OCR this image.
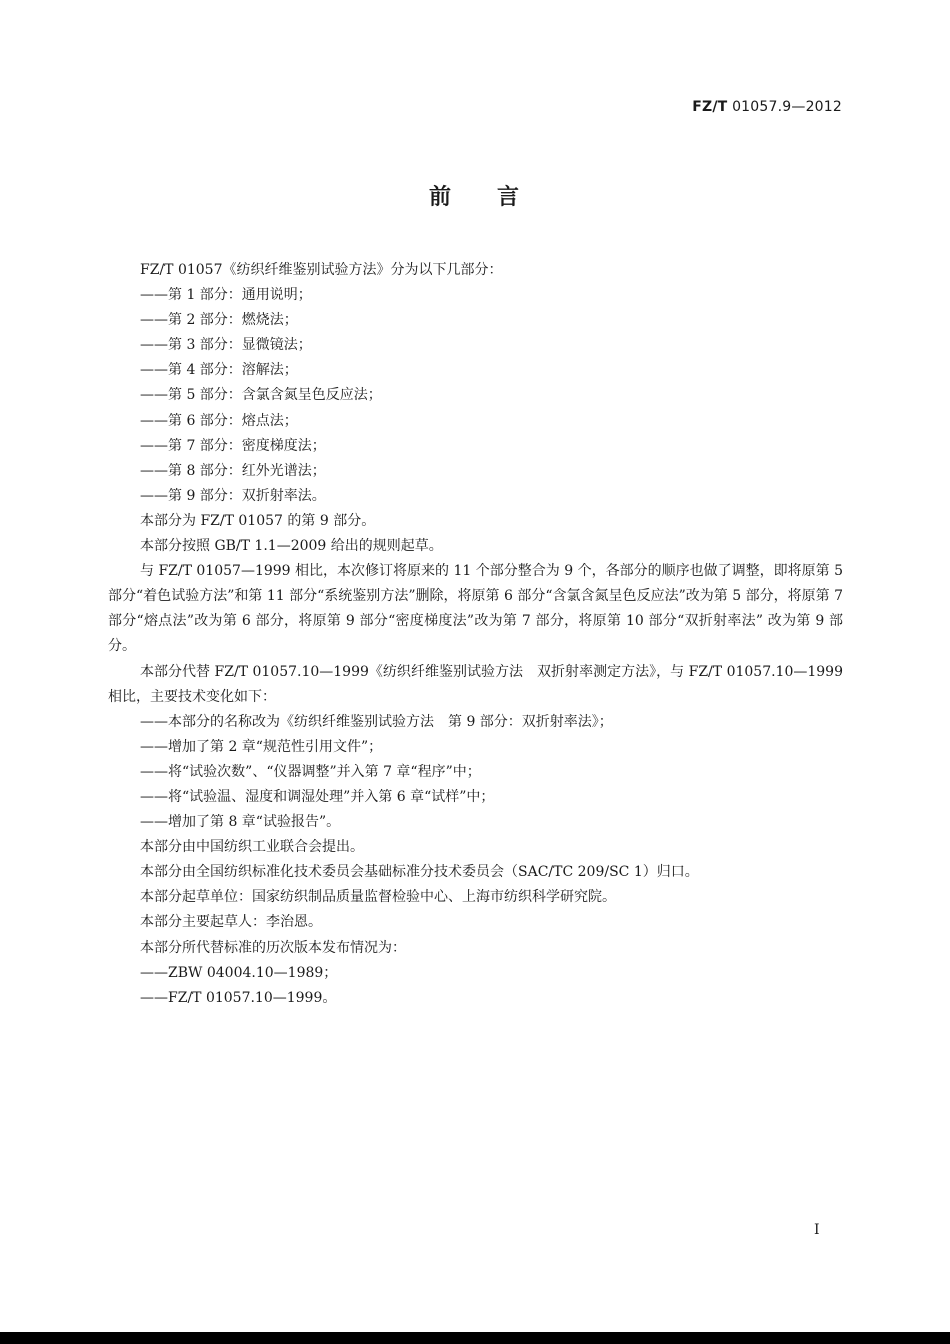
FZ/T 01057.9—2012
前 言

FZ/T 01057《纺织纤维鉴别试验方法》分为以下几部分：

——第 1 部分：通用说明；

——第 2 部分：燃烧法；

——第 3 部分：显微镜法；

——第 4 部分：溶解法；

——第 5 部分：含氯含氮呈色反应法；

——第 6 部分：熔点法；

——第 7 部分：密度梯度法；

——第 8 部分：红外光谱法；

——第 9 部分：双折射率法。

本部分为 FZ/T 01057 的第 9 部分。

本部分按照 GB/T 1.1—2009 给出的规则起草。

与 FZ/T 01057—1999 相比，本次修订将原来的 11 个部分整合为 9 个，各部分的顺序也做了调整，即将原第 5 部分“着色试验方法”和第 11 部分“系统鉴别方法”删除，将原第 6 部分“含氯含氮呈色反应法”改为第 5 部分，将原第 7 部分“熔点法”改为第 6 部分，将原第 9 部分“密度梯度法”改为第 7 部分，将原第 10 部分“双折射率法” 改为第 9 部分。

本部分代替 FZ/T 01057.10—1999《纺织纤维鉴别试验方法　双折射率测定方法》，与 FZ/T 01057.10—1999相比，主要技术变化如下：

——本部分的名称改为《纺织纤维鉴别试验方法　第 9 部分：双折射率法》；

——增加了第 2 章“规范性引用文件”；

——将“试验次数”、“仪器调整”并入第 7 章“程序”中；

——将“试验温、湿度和调湿处理”并入第 6 章“试样”中；

——增加了第 8 章“试验报告”。

本部分由中国纺织工业联合会提出。

本部分由全国纺织标准化技术委员会基础标准分技术委员会（SAC/TC 209/SC 1）归口。

本部分起草单位：国家纺织制品质量监督检验中心、上海市纺织科学研究院。

本部分主要起草人：李治恩。

本部分所代替标准的历次版本发布情况为：

——ZBW 04004.10—1989；

——FZ/T 01057.10—1999。

I
